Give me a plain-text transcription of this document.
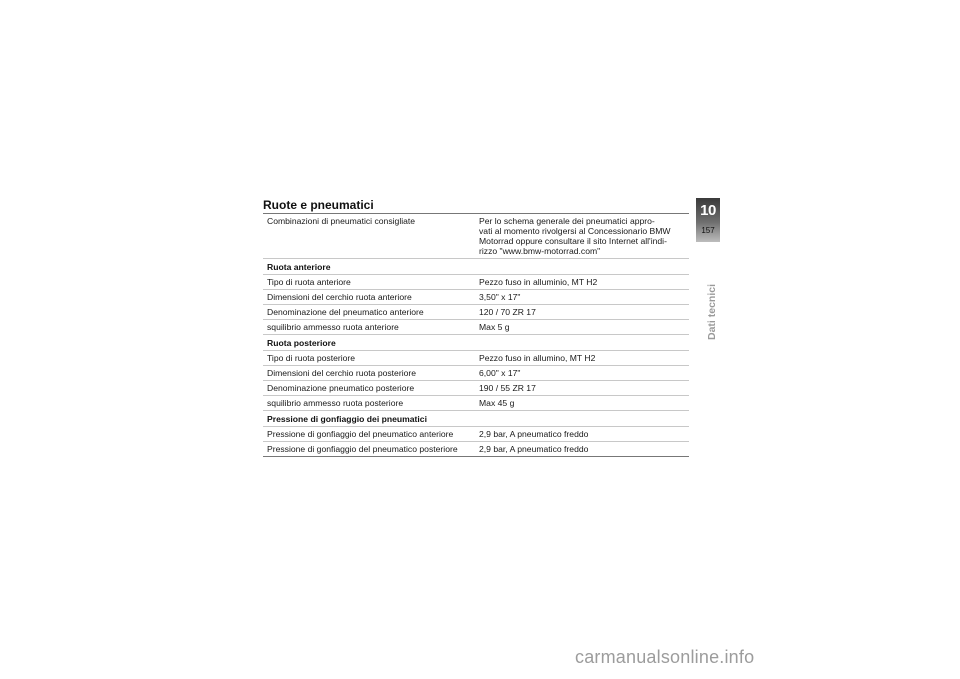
Ruote e pneumatici
Combinazioni di pneumatici consigliate	Per lo schema generale dei pneumatici appro-
vati al momento rivolgersi al Concessionario BMW
Motorrad oppure consultare il sito Internet all'indi-
rizzo "www.bmw-motorrad.com"
Ruota anteriore	
Tipo di ruota anteriore	Pezzo fuso in alluminio, MT H2
Dimensioni del cerchio ruota anteriore	3,50" x 17"
Denominazione del pneumatico anteriore	120 / 70 ZR 17
squilibrio ammesso ruota anteriore	Max 5 g
Ruota posteriore	
Tipo di ruota posteriore	Pezzo fuso in allumino, MT H2
Dimensioni del cerchio ruota posteriore	6,00" x 17"
Denominazione pneumatico posteriore	190 / 55 ZR 17
squilibrio ammesso ruota posteriore	Max 45 g
Pressione di gonfiaggio dei pneumatici	
Pressione di gonfiaggio del pneumatico anteriore	2,9 bar, A pneumatico freddo
Pressione di gonfiaggio del pneumatico posteriore	2,9 bar, A pneumatico freddo
10
157
Dati tecnici
carmanualsonline.info
